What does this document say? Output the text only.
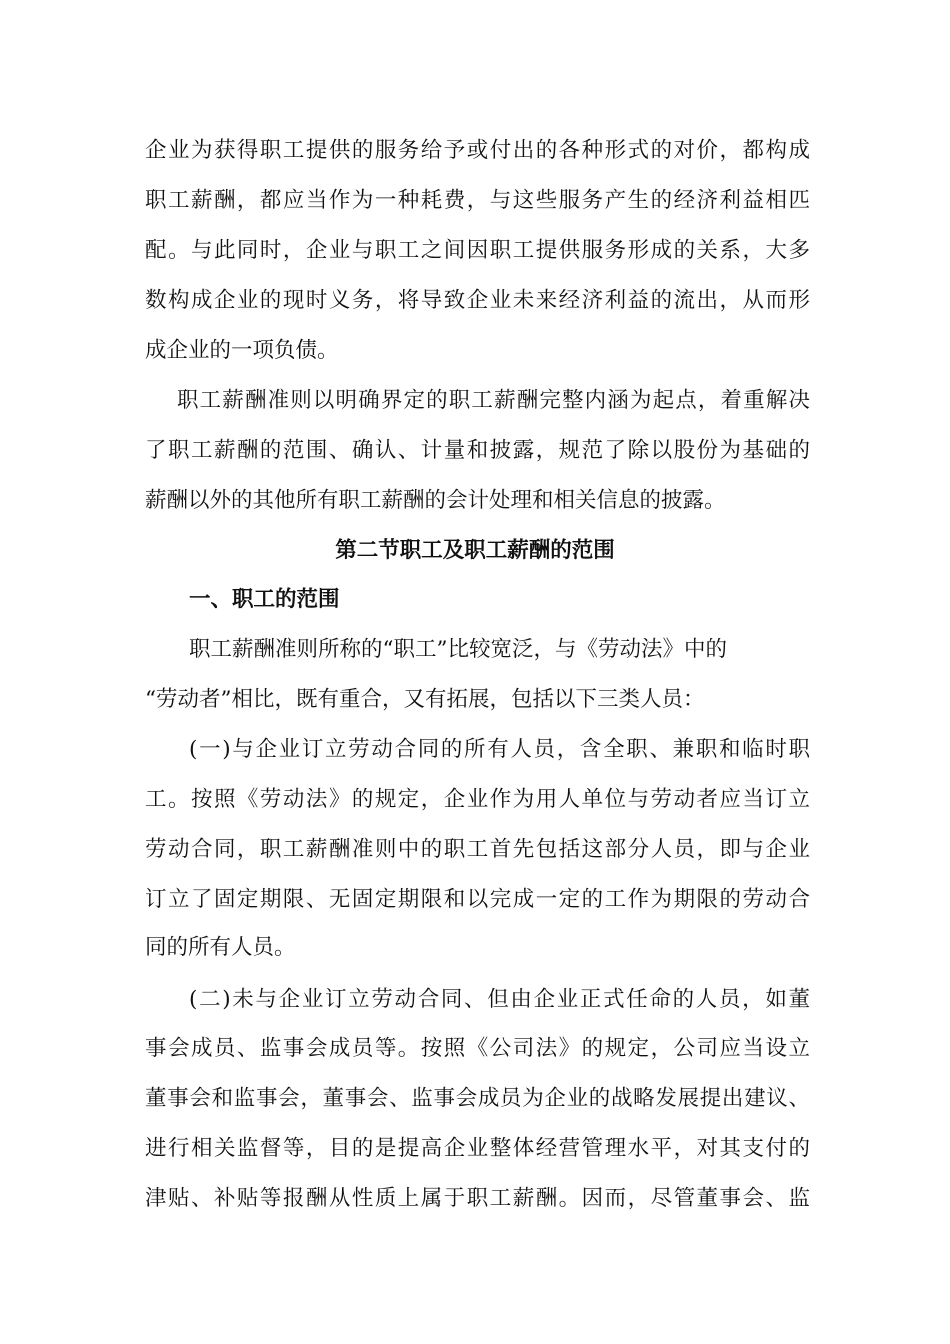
企业为获得职工提供的服务给予或付出的各种形式的对价，都构成
职工薪酬，都应当作为一种耗费，与这些服务产生的经济利益相匹
配。与此同时，企业与职工之间因职工提供服务形成的关系，大多
数构成企业的现时义务，将导致企业未来经济利益的流出，从而形
成企业的一项负债。
职工薪酬准则以明确界定的职工薪酬完整内涵为起点，着重解决
了职工薪酬的范围、确认、计量和披露，规范了除以股份为基础的
薪酬以外的其他所有职工薪酬的会计处理和相关信息的披露。
第二节职工及职工薪酬的范围
一、职工的范围
职工薪酬准则所称的“职工”比较宽泛，与《劳动法》中的
“劳动者”相比，既有重合，又有拓展，包括以下三类人员：
(一)与企业订立劳动合同的所有人员，含全职、兼职和临时职
工。按照《劳动法》的规定，企业作为用人单位与劳动者应当订立
劳动合同，职工薪酬准则中的职工首先包括这部分人员，即与企业
订立了固定期限、无固定期限和以完成一定的工作为期限的劳动合
同的所有人员。
(二)未与企业订立劳动合同、但由企业正式任命的人员，如董
事会成员、监事会成员等。按照《公司法》的规定，公司应当设立
董事会和监事会，董事会、监事会成员为企业的战略发展提出建议、
进行相关监督等，目的是提高企业整体经营管理水平，对其支付的
津贴、补贴等报酬从性质上属于职工薪酬。因而，尽管董事会、监
